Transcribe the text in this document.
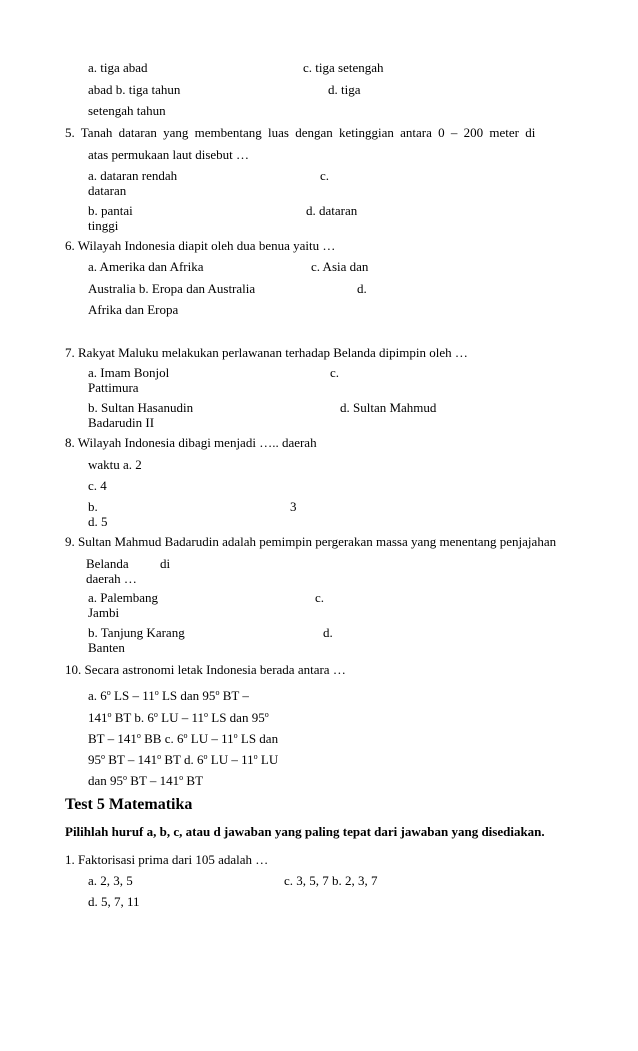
a. tiga abad	c. tiga setengah
abad b. tiga tahun	d. tiga
setengah tahun
5. Tanah dataran yang membentang luas dengan ketinggian antara 0 – 200 meter di
atas permukaan laut disebut …
a. dataran rendah	c.
dataran
b. pantai	d. dataran
tinggi
6. Wilayah Indonesia diapit oleh dua benua yaitu …
a. Amerika dan Afrika	c. Asia dan
Australia b. Eropa dan Australia	d.
Afrika dan Eropa
7. Rakyat Maluku melakukan perlawanan terhadap Belanda dipimpin oleh …
a. Imam Bonjol	c.
Pattimura
b. Sultan Hasanudin	d. Sultan Mahmud
Badarudin II
8. Wilayah Indonesia dibagi menjadi ….. daerah
waktu a. 2
c. 4
b.	3
d. 5
9. Sultan Mahmud Badarudin adalah pemimpin pergerakan massa yang menentang penjajahan
Belanda di
daerah …
a. Palembang	c.
Jambi
b. Tanjung Karang	d.
Banten
10. Secara astronomi letak Indonesia berada antara …
a. 6$^o$ LS – 11$^o$ LS dan 95$^o$ BT –
141$^o$ BT b. 6$^o$ LU – 11$^o$ LS dan 95$^o$
BT – 141$^o$ BB c. 6$^o$ LU – 11$^o$ LS dan
95$^o$ BT – 141$^o$ BT d. 6$^o$ LU – 11$^o$ LU
dan 95$^o$ BT – 141$^o$ BT
Test 5 Matematika
Pilihlah huruf a, b, c, atau d jawaban yang paling tepat dari jawaban yang disediakan.
1. Faktorisasi prima dari 105 adalah …
a. 2, 3, 5	c. 3, 5, 7 b. 2, 3, 7
d. 5, 7, 11
